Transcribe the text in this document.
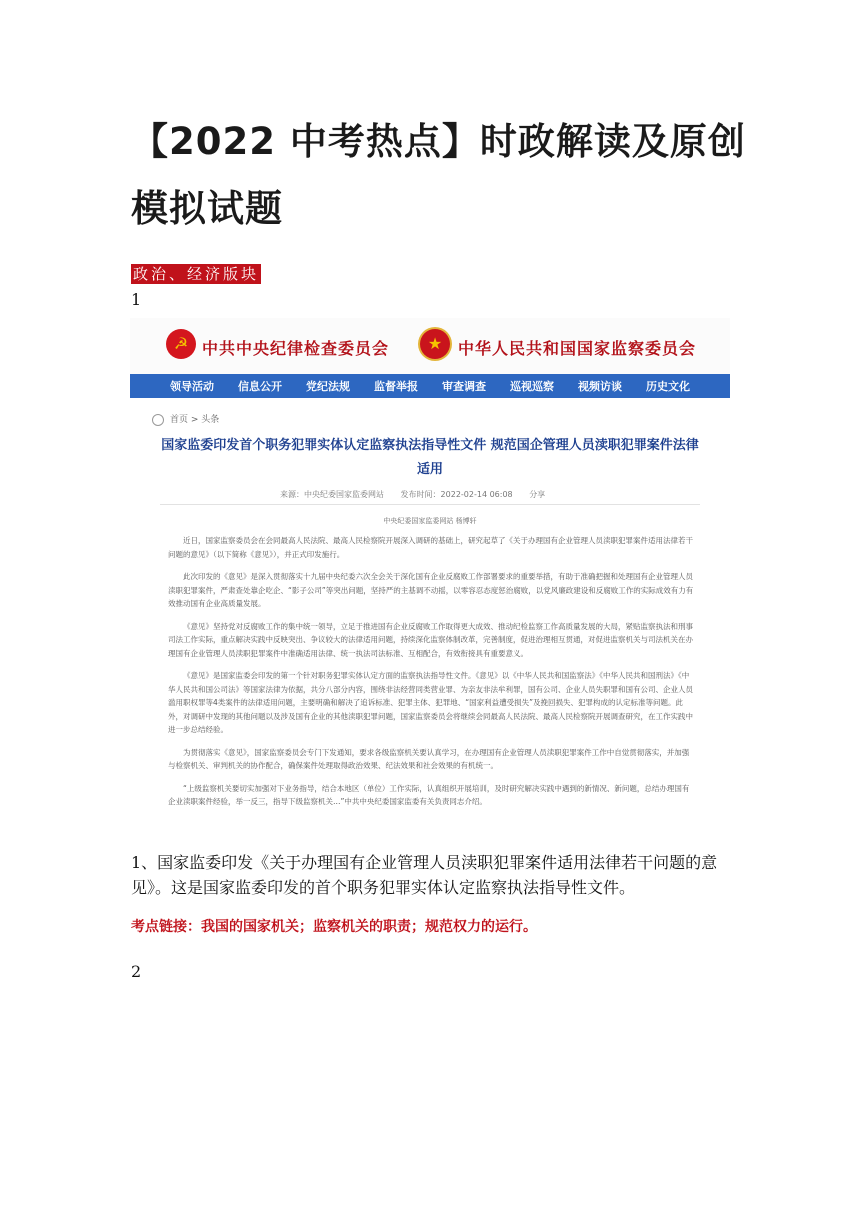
【2022 中考热点】时政解读及原创模拟试题
政治、经济版块
1
☭ 中共中央纪律检查委员会	★ 中华人民共和国国家监察委员会
领导活动 信息公开 党纪法规 监督举报 审查调查 巡视巡察 视频访谈 历史文化
首页 > 头条
国家监委印发首个职务犯罪实体认定监察执法指导性文件 规范国企管理人员渎职犯罪案件法律适用
来源：中央纪委国家监委网站 发布时间：2022-02-14 06:08 分享
中央纪委国家监委网站 杨博轩

近日，国家监察委员会在会同最高人民法院、最高人民检察院开展深入调研的基础上，研究起草了《关于办理国有企业管理人员渎职犯罪案件适用法律若干问题的意见》（以下简称《意见》），并正式印发施行。

此次印发的《意见》是深入贯彻落实十九届中央纪委六次全会关于深化国有企业反腐败工作部署要求的重要举措，有助于准确把握和处理国有企业管理人员渎职犯罪案件，严肃查处靠企吃企、“影子公司”等突出问题，坚持严的主基调不动摇，以零容忍态度惩治腐败，以党风廉政建设和反腐败工作的实际成效有力有效推动国有企业高质量发展。

《意见》坚持党对反腐败工作的集中统一领导，立足于推进国有企业反腐败工作取得更大成效、推动纪检监察工作高质量发展的大局，紧贴监察执法和刑事司法工作实际，重点解决实践中反映突出、争议较大的法律适用问题，持续深化监察体制改革，完善制度，促进治理相互贯通，对促进监察机关与司法机关在办理国有企业管理人员渎职犯罪案件中准确适用法律、统一执法司法标准、互相配合，有效衔接具有重要意义。

《意见》是国家监委会印发的第一个针对职务犯罪实体认定方面的监察执法指导性文件。《意见》以《中华人民共和国监察法》《中华人民共和国刑法》《中华人民共和国公司法》等国家法律为依据，共分八部分内容，围绕非法经营同类营业罪、为亲友非法牟利罪，国有公司、企业人员失职罪和国有公司、企业人员滥用职权罪等4类案件的法律适用问题，主要明确和解决了追诉标准、犯罪主体、犯罪地、“国家利益遭受损失”及挽回损失、犯罪构成的认定标准等问题。此外，对调研中发现的其他问题以及涉及国有企业的其他渎职犯罪问题，国家监察委员会将继续会同最高人民法院、最高人民检察院开展调查研究，在工作实践中进一步总结经验。

为贯彻落实《意见》，国家监察委员会专门下发通知，要求各级监察机关要认真学习，在办理国有企业管理人员渎职犯罪案件工作中自觉贯彻落实，并加强与检察机关、审判机关的协作配合，确保案件处理取得政治效果、纪法效果和社会效果的有机统一。

“上级监察机关要切实加强对下业务指导，结合本地区（单位）工作实际，认真组织开展培训，及时研究解决实践中遇到的新情况、新问题，总结办理国有企业渎职案件经验，举一反三，指导下级监察机关…”中共中央纪委国家监委有关负责同志介绍。

1、国家监委印发《关于办理国有企业管理人员渎职犯罪案件适用法律若干问题的意见》。这是国家监委印发的首个职务犯罪实体认定监察执法指导性文件。

考点链接：我国的国家机关；监察机关的职责；规范权力的运行。

2
